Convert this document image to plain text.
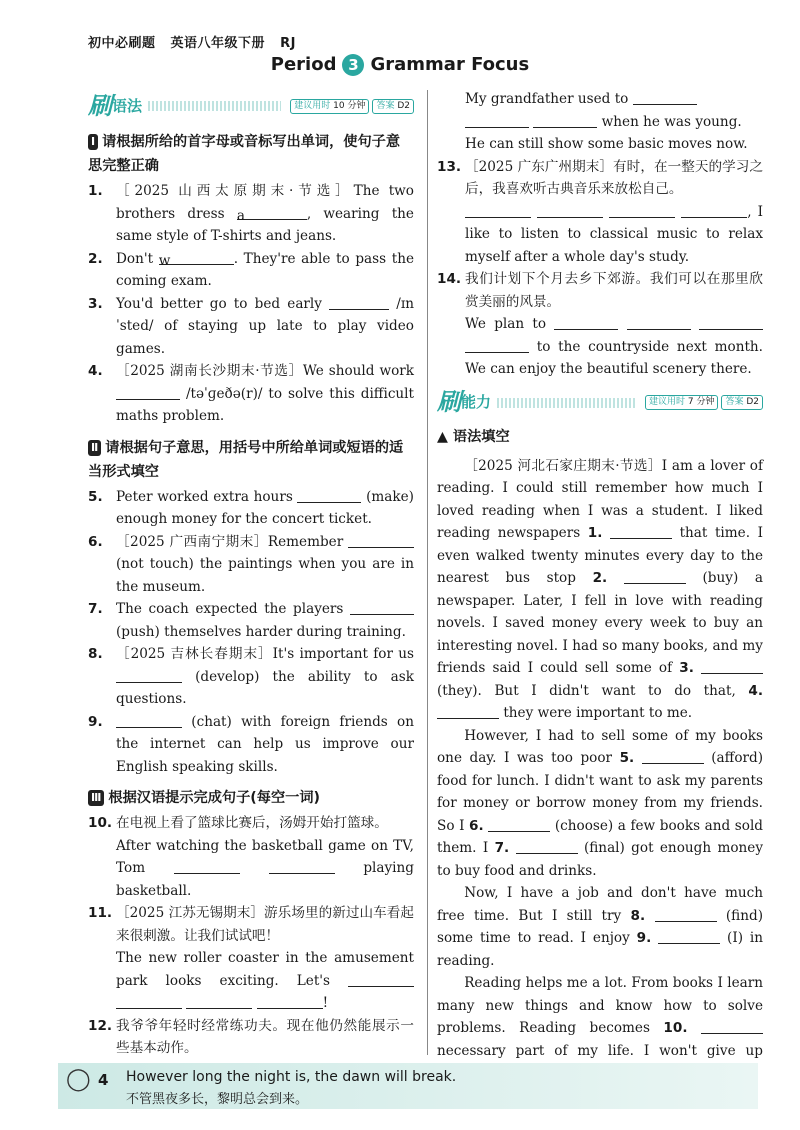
初中必刷题 英语八年级下册 RJ
Period 3 Grammar Focus
刷 语法	建议用时 10 分钟	答案 D2
Ⅰ 请根据所给的首字母或音标写出单词，使句子意思完整正确
1. ［2025 山西太原期末·节选］The two brothers dress a	, wearing the same style of T-shirts and jeans.
2. Don't w	. They're able to pass the coming exam.
3. You'd better go to bed early	/ɪnˈsted/ of staying up late to play video games.
4. ［2025 湖南长沙期末·节选］We should work  /təˈɡeðə(r)/ to solve this difficult maths problem.
Ⅱ 请根据句子意思，用括号中所给单词或短语的适当形式填空
5. Peter worked extra hours	(make) enough money for the concert ticket.
6. ［2025 广西南宁期末］Remember  (not touch) the paintings when you are in the museum.
7. The coach expected the players  (push) themselves harder during training.
8. ［2025 吉林长春期末］It's important for us  (develop) the ability to ask questions.
9.	(chat) with foreign friends on the internet can help us improve our English speaking skills.
Ⅲ 根据汉语提示完成句子(每空一词)
10. 在电视上看了篮球比赛后，汤姆开始打篮球。
After watching the basketball game on TV, Tom	playing basketball.
11. ［2025 江苏无锡期末］游乐场里的新过山车看起来很刺激。让我们试试吧！
The new roller coaster in the amusement park looks exciting. Let's    !
12. 我爷爷年轻时经常练功夫。现在他仍然能展示一些基本动作。
My grandfather used to    when he was young. He can still show some basic moves now.
13. ［2025 广东广州期末］有时，在一整天的学习之后，我喜欢听古典音乐来放松自己。
, I like to listen to classical music to relax myself after a whole day's study.
14. 我们计划下个月去乡下郊游。我们可以在那里欣赏美丽的风景。
We plan to     to the countryside next month. We can enjoy the beautiful scenery there.
刷 能力	建议用时 7 分钟	答案 D2
▲ 语法填空
［2025 河北石家庄期末·节选］I am a lover of reading. I could still remember how much I loved reading when I was a student. I liked reading newspapers 1.	that time. I even walked twenty minutes every day to the nearest bus stop 2.	(buy) a newspaper. Later, I fell in love with reading novels. I saved money every week to buy an interesting novel. I had so many books, and my friends said I could sell some of 3.  (they). But I didn't want to do that, 4.  they were important to me.
However, I had to sell some of my books one day. I was too poor 5.	(afford) food for lunch. I didn't want to ask my parents for money or borrow money from my friends. So I 6.	(choose) a few books and sold them. I 7.	(final) got enough money to buy food and drinks.
Now, I have a job and don't have much free time. But I still try 8.	(find) some time to read. I enjoy 9.	(I) in reading.
Reading helps me a lot. From books I learn many new things and know how to solve problems. Reading becomes 10.  necessary part of my life. I won't give up
◯ 4 However long the night is, the dawn will break.
不管黑夜多长，黎明总会到来。
